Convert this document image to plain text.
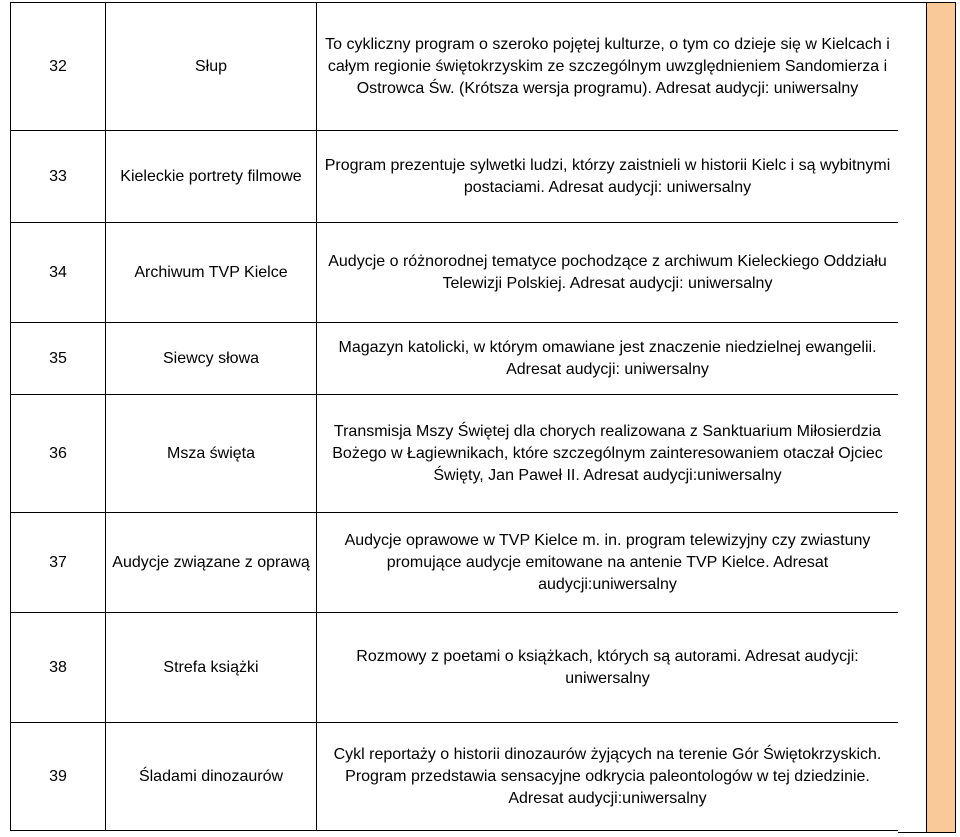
32	Słup	To cykliczny program o szeroko pojętej kulturze, o tym co dzieje się w Kielcach i całym regionie świętokrzyskim ze szczególnym uwzględnieniem Sandomierza i Ostrowca Św. (Krótsza wersja programu). Adresat audycji: uniwersalny
33	Kieleckie portrety filmowe	Program prezentuje sylwetki ludzi, którzy zaistnieli w historii Kielc i są wybitnymi postaciami. Adresat audycji: uniwersalny
34	Archiwum TVP Kielce	Audycje o różnorodnej tematyce pochodzące z archiwum Kieleckiego Oddziału Telewizji Polskiej. Adresat audycji: uniwersalny
35	Siewcy słowa	Magazyn katolicki, w którym omawiane jest znaczenie niedzielnej ewangelii. Adresat audycji: uniwersalny
36	Msza święta	Transmisja Mszy Świętej dla chorych realizowana z Sanktuarium Miłosierdzia Bożego w Łagiewnikach, które szczególnym zainteresowaniem otaczał Ojciec Święty, Jan Paweł II. Adresat audycji:uniwersalny
37	Audycje związane z oprawą	Audycje oprawowe w TVP Kielce m. in. program telewizyjny czy zwiastuny promujące audycje emitowane na antenie TVP Kielce. Adresat audycji:uniwersalny
38	Strefa książki	Rozmowy z poetami o książkach, których są autorami. Adresat audycji: uniwersalny
39	Śladami dinozaurów	Cykl reportaży o historii dinozaurów żyjących na terenie Gór Świętokrzyskich. Program przedstawia sensacyjne odkrycia paleontologów w tej dziedzinie. Adresat audycji:uniwersalny
